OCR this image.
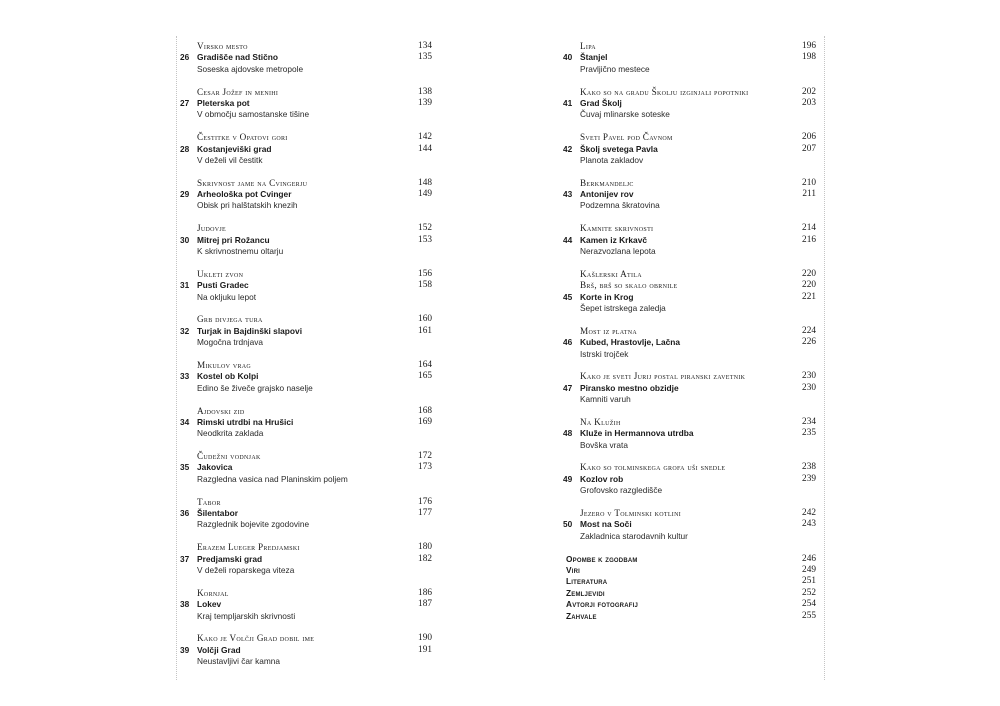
Virsko mesto	134
26 Gradišče nad Stično	135
Soseska ajdovske metropole
Cesar Jožef in menihi	138
27 Pleterska pot	139
V območju samostanske tišine
Čestitke v Opatovi gori	142
28 Kostanjeviški grad	144
V deželi vil čestitk
Skrivnost jame na Cvingerju	148
29 Arheološka pot Cvinger	149
Obisk pri halštatskih knezih
Judovje	152
30 Mitrej pri Rožancu	153
K skrivnostnemu oltarju
Ukleti zvon	156
31 Pusti Gradec	158
Na okljuku lepot
Grb divjega tura	160
32 Turjak in Bajdinški slapovi	161
Mogočna trdnjava
Mikulov vrag	164
33 Kostel ob Kolpi	165
Edino še živeče grajsko naselje
Ajdovski zid	168
34 Rimski utrdbi na Hrušici	169
Neodkrita zaklada
Čudežni vodnjak	172
35 Jakovica	173
Razgledna vasica nad Planinskim poljem
Tabor	176
36 Šilentabor	177
Razglednik bojevite zgodovine
Erazem Lueger Predjamski	180
37 Predjamski grad	182
V deželi roparskega viteza
Kornjal	186
38 Lokev	187
Kraj templjarskih skrivnosti
Kako je Volčji Grad dobil ime	190
39 Volčji Grad	191
Neustavljivi čar kamna
Lipa	196
40 Štanjel	198
Pravljično mestece
Kako so na gradu Školju izginjali popotniki	202
41 Grad Školj	203
Čuvaj mlinarske soteske
Sveti Pavel pod Čavnom	206
42 Školj svetega Pavla	207
Planota zakladov
Berkmandeljc	210
43 Antonijev rov	211
Podzemna škratovina
Kamnite skrivnosti	214
44 Kamen iz Krkavč	216
Nerazvozlana lepota
Kašlerski Atila	220
Brš, brš so skalo obrnile	220
45 Korte in Krog	221
Šepet istrskega zaledja
Most iz platna	224
46 Kubed, Hrastovlje, Lačna	226
Istrski trojček
Kako je sveti Jurij postal piranski zavetnik	230
47 Piransko mestno obzidje	230
Kamniti varuh
Na Klužih	234
48 Kluže in Hermannova utrdba	235
Bovška vrata
Kako so tolminskega grofa uši snedle	238
49 Kozlov rob	239
Grofovsko razgledišče
Jezero v Tolminski kotlini	242
50 Most na Soči	243
Zakladnica starodavnih kultur
Opombe k zgodbam	246
Viri	249
Literatura	251
Zemljevidi	252
Avtorji fotografij	254
Zahvale	255
